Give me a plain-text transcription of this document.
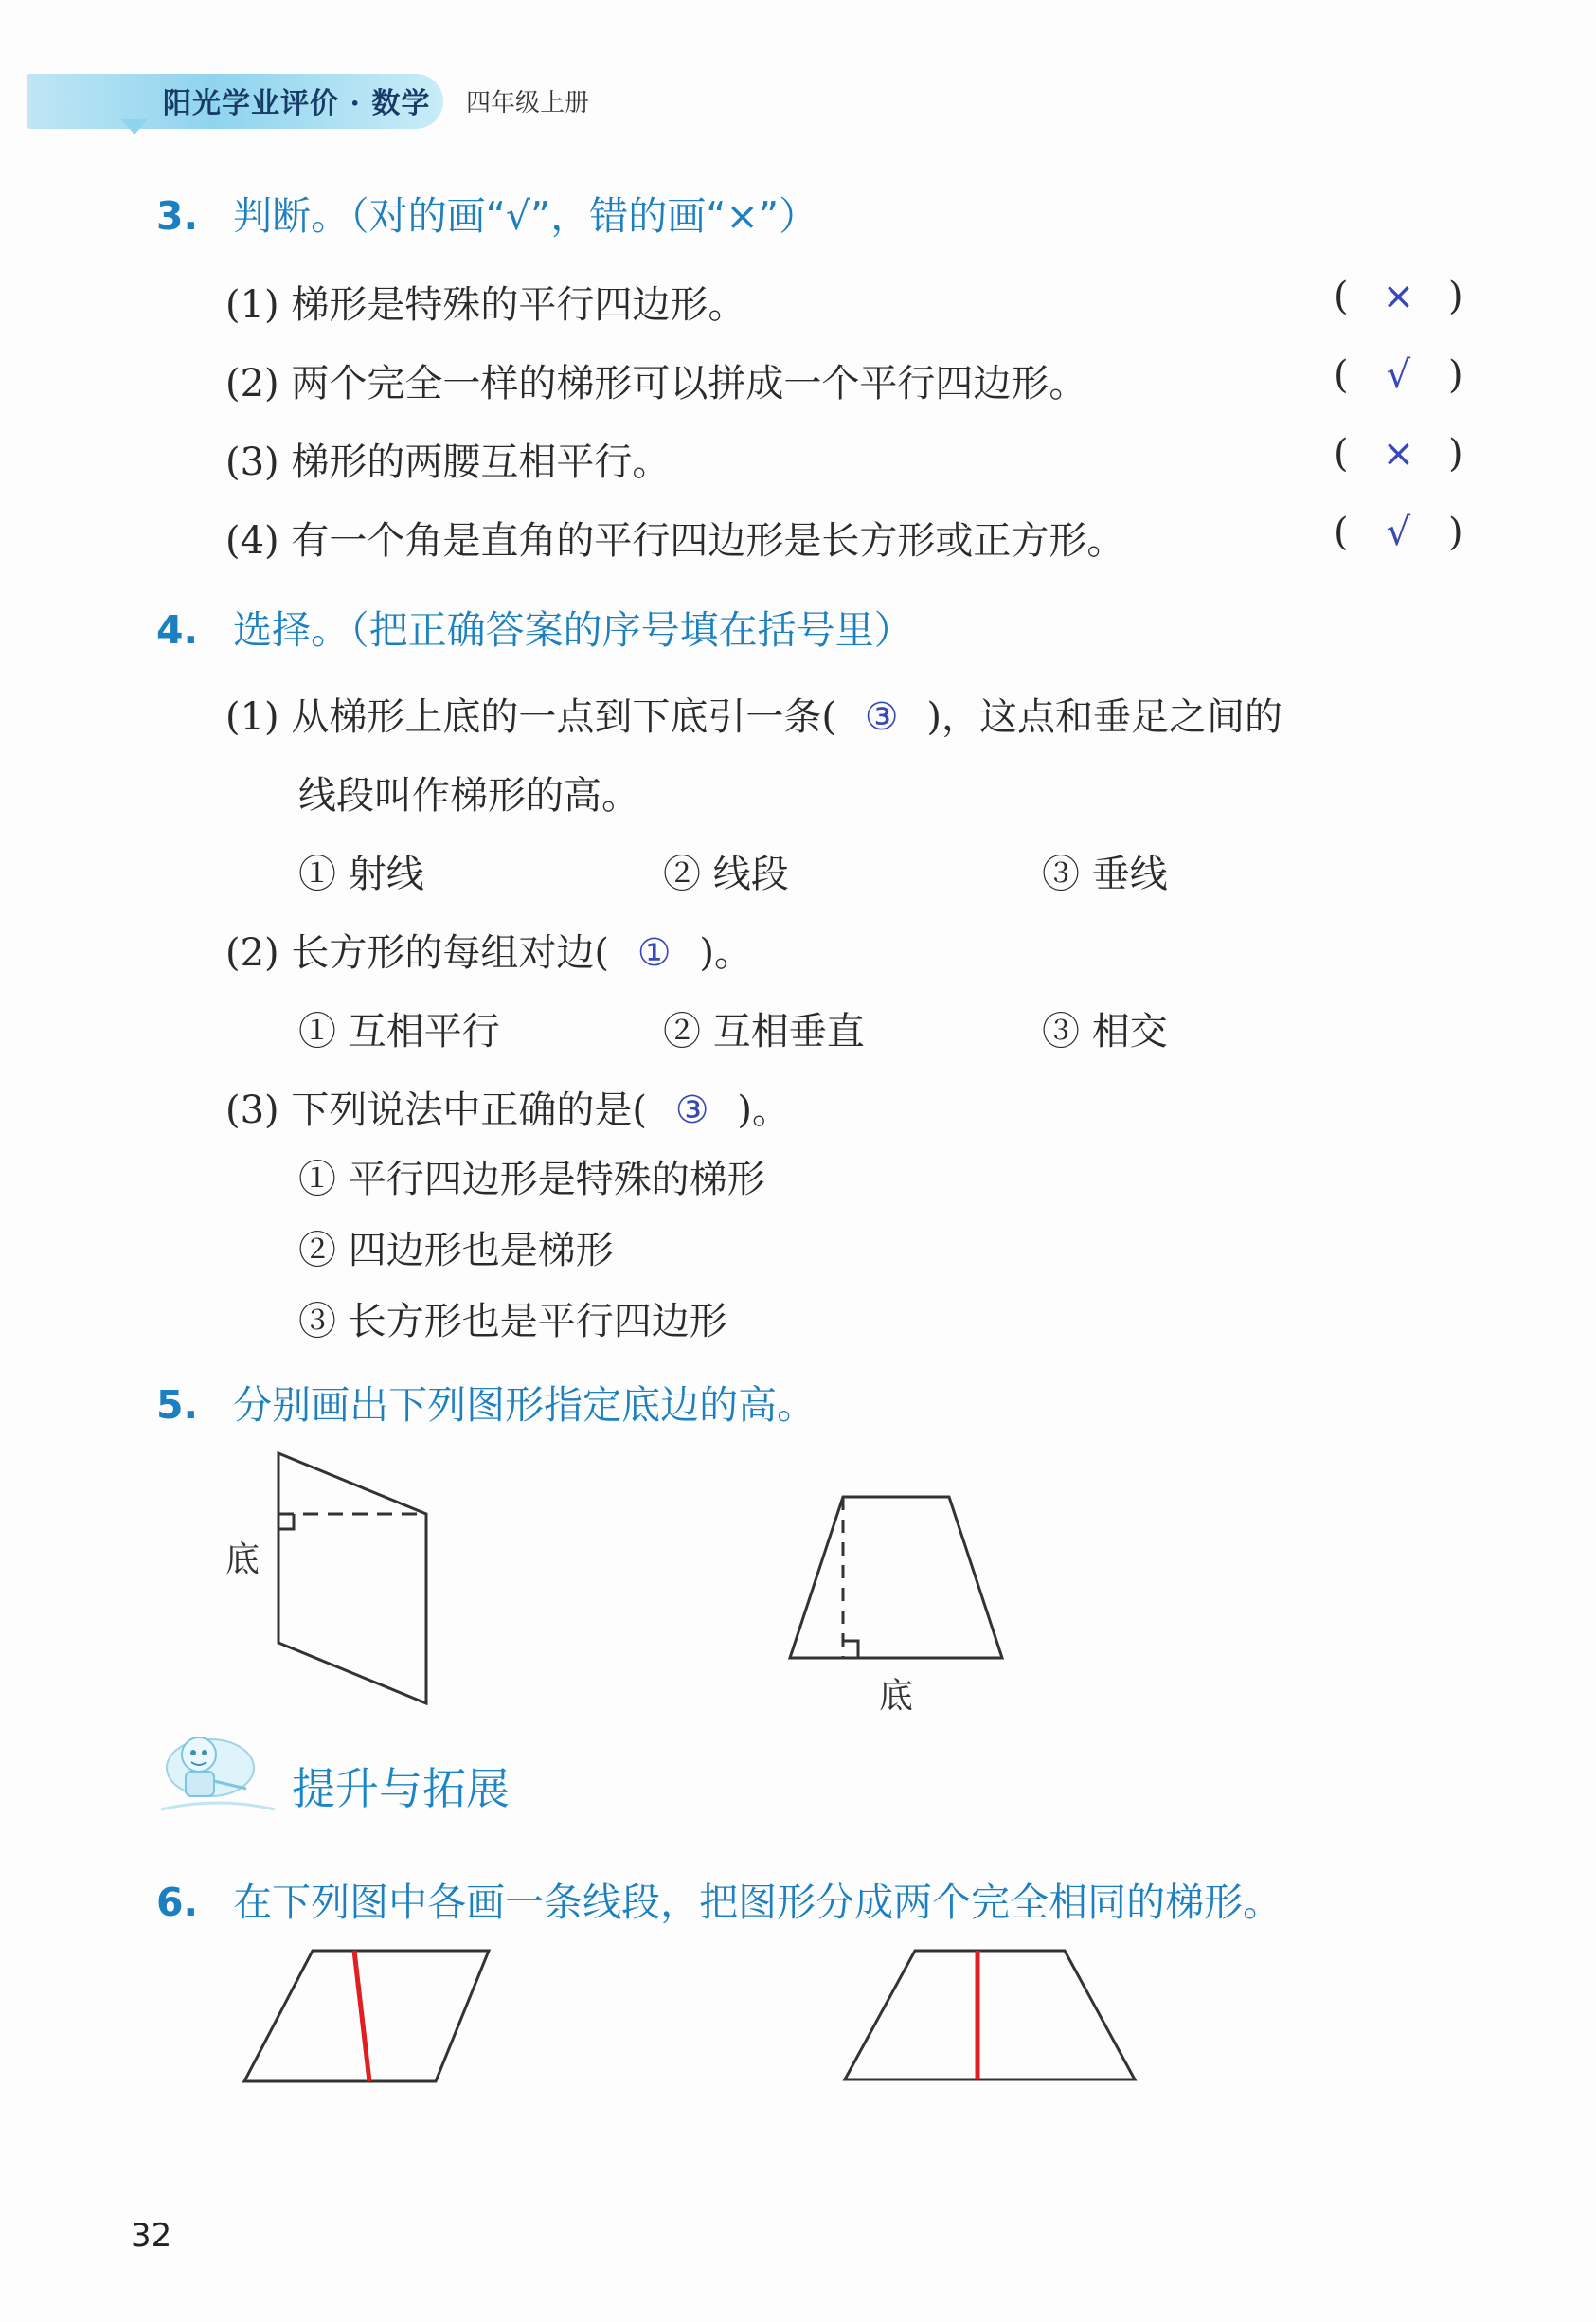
阳光学业评价 · 数学 四年级上册
3. 判断。（对的画“√”，错的画“×”）
(1) 梯形是特殊的平行四边形。	( × )
(2) 两个完全一样的梯形可以拼成一个平行四边形。	( √ )
(3) 梯形的两腰互相平行。	( × )
(4) 有一个角是直角的平行四边形是长方形或正方形。	( √ )
4. 选择。（把正确答案的序号填在括号里）
(1) 从梯形上底的一点到下底引一条( ③ )，这点和垂足之间的
线段叫作梯形的高。
① 射线	② 线段	③ 垂线
(2) 长方形的每组对边( ① )。
① 互相平行	② 互相垂直	③ 相交
(3) 下列说法中正确的是( ③ )。
① 平行四边形是特殊的梯形
② 四边形也是梯形
③ 长方形也是平行四边形
5. 分别画出下列图形指定底边的高。
底
底
提升与拓展
6. 在下列图中各画一条线段，把图形分成两个完全相同的梯形。
32
